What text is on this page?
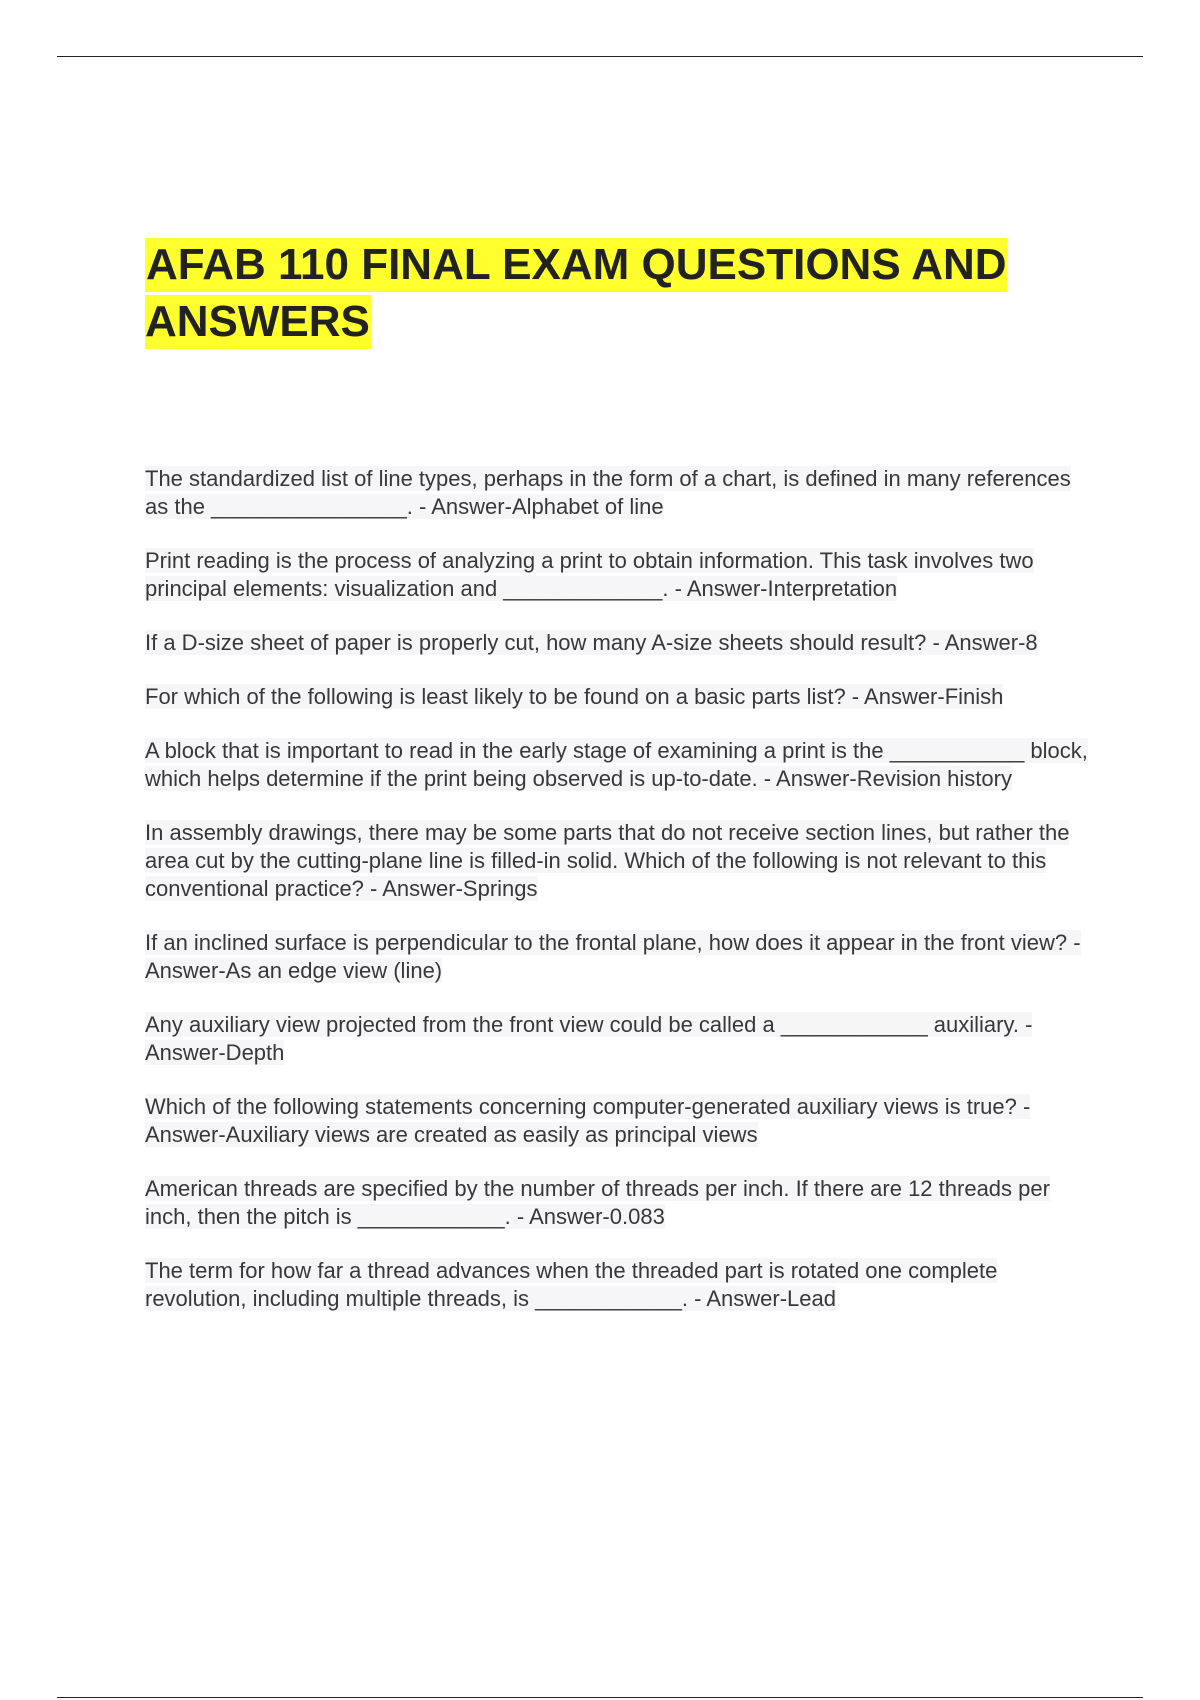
AFAB 110 FINAL EXAM QUESTIONS AND ANSWERS
The standardized list of line types, perhaps in the form of a chart, is defined in many references as the ________________. - Answer-Alphabet of line
Print reading is the process of analyzing a print to obtain information. This task involves two principal elements: visualization and _____________. - Answer-Interpretation
If a D-size sheet of paper is properly cut, how many A-size sheets should result? - Answer-8
For which of the following is least likely to be found on a basic parts list? - Answer-Finish
A block that is important to read in the early stage of examining a print is the ___________ block, which helps determine if the print being observed is up-to-date. - Answer-Revision history
In assembly drawings, there may be some parts that do not receive section lines, but rather the area cut by the cutting-plane line is filled-in solid. Which of the following is not relevant to this conventional practice? - Answer-Springs
If an inclined surface is perpendicular to the frontal plane, how does it appear in the front view? - Answer-As an edge view (line)
Any auxiliary view projected from the front view could be called a ____________ auxiliary. - Answer-Depth
Which of the following statements concerning computer-generated auxiliary views is true? - Answer-Auxiliary views are created as easily as principal views
American threads are specified by the number of threads per inch. If there are 12 threads per inch, then the pitch is ____________. - Answer-0.083
The term for how far a thread advances when the threaded part is rotated one complete revolution, including multiple threads, is ____________. - Answer-Lead
